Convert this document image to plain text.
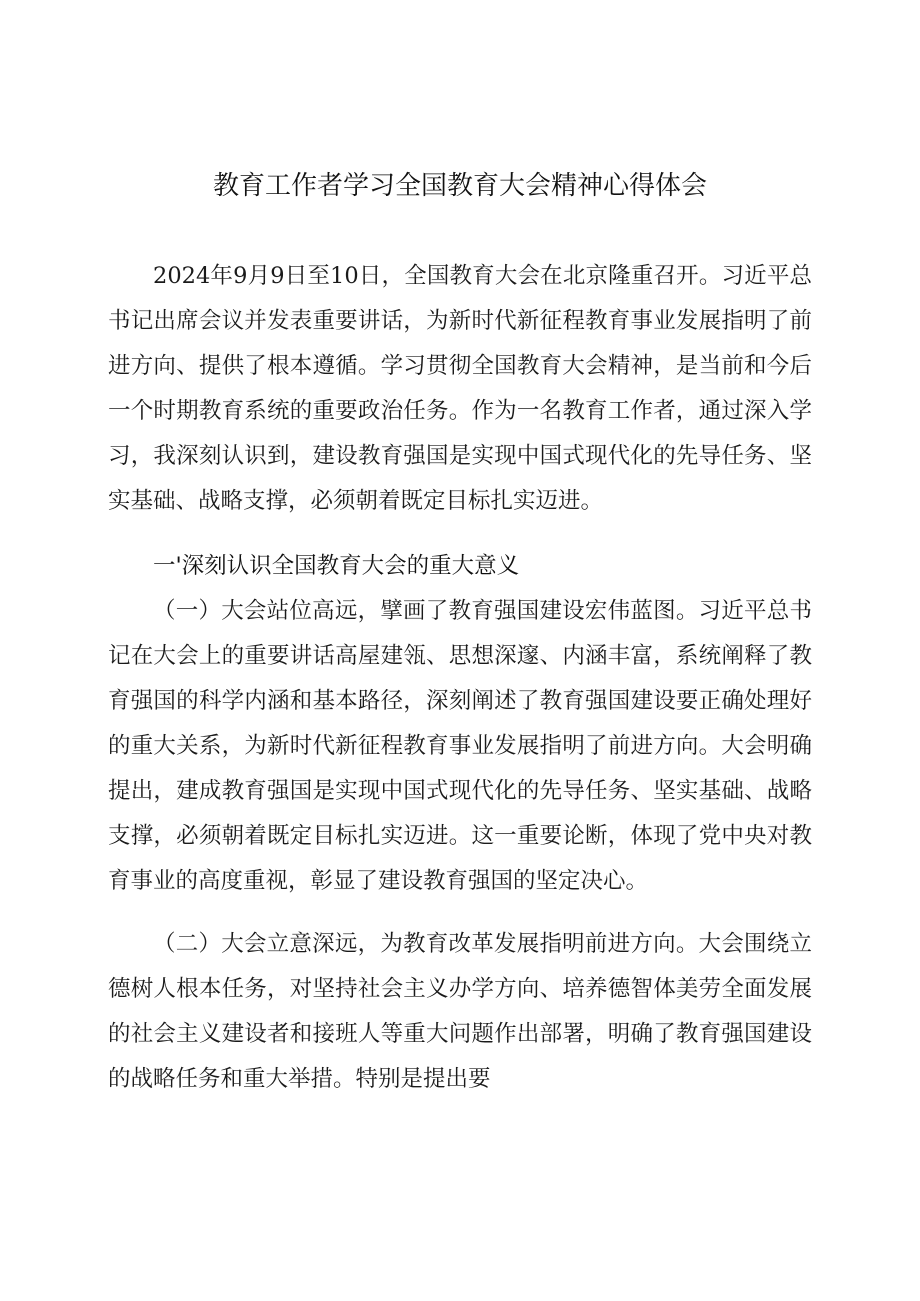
教育工作者学习全国教育大会精神心得体会

2024年9月9日至10日，全国教育大会在北京隆重召开。习近平总书记出席会议并发表重要讲话，为新时代新征程教育事业发展指明了前进方向、提供了根本遵循。学习贯彻全国教育大会精神，是当前和今后一个时期教育系统的重要政治任务。作为一名教育工作者，通过深入学习，我深刻认识到，建设教育强国是实现中国式现代化的先导任务、坚实基础、战略支撑，必须朝着既定目标扎实迈进。

一'深刻认识全国教育大会的重大意义

（一）大会站位高远，擘画了教育强国建设宏伟蓝图。习近平总书记在大会上的重要讲话高屋建瓴、思想深邃、内涵丰富，系统阐释了教育强国的科学内涵和基本路径，深刻阐述了教育强国建设要正确处理好的重大关系，为新时代新征程教育事业发展指明了前进方向。大会明确提出，建成教育强国是实现中国式现代化的先导任务、坚实基础、战略支撑，必须朝着既定目标扎实迈进。这一重要论断，体现了党中央对教育事业的高度重视，彰显了建设教育强国的坚定决心。

（二）大会立意深远，为教育改革发展指明前进方向。大会围绕立德树人根本任务，对坚持社会主义办学方向、培养德智体美劳全面发展的社会主义建设者和接班人等重大问题作出部署，明确了教育强国建设的战略任务和重大举措。特别是提出要
